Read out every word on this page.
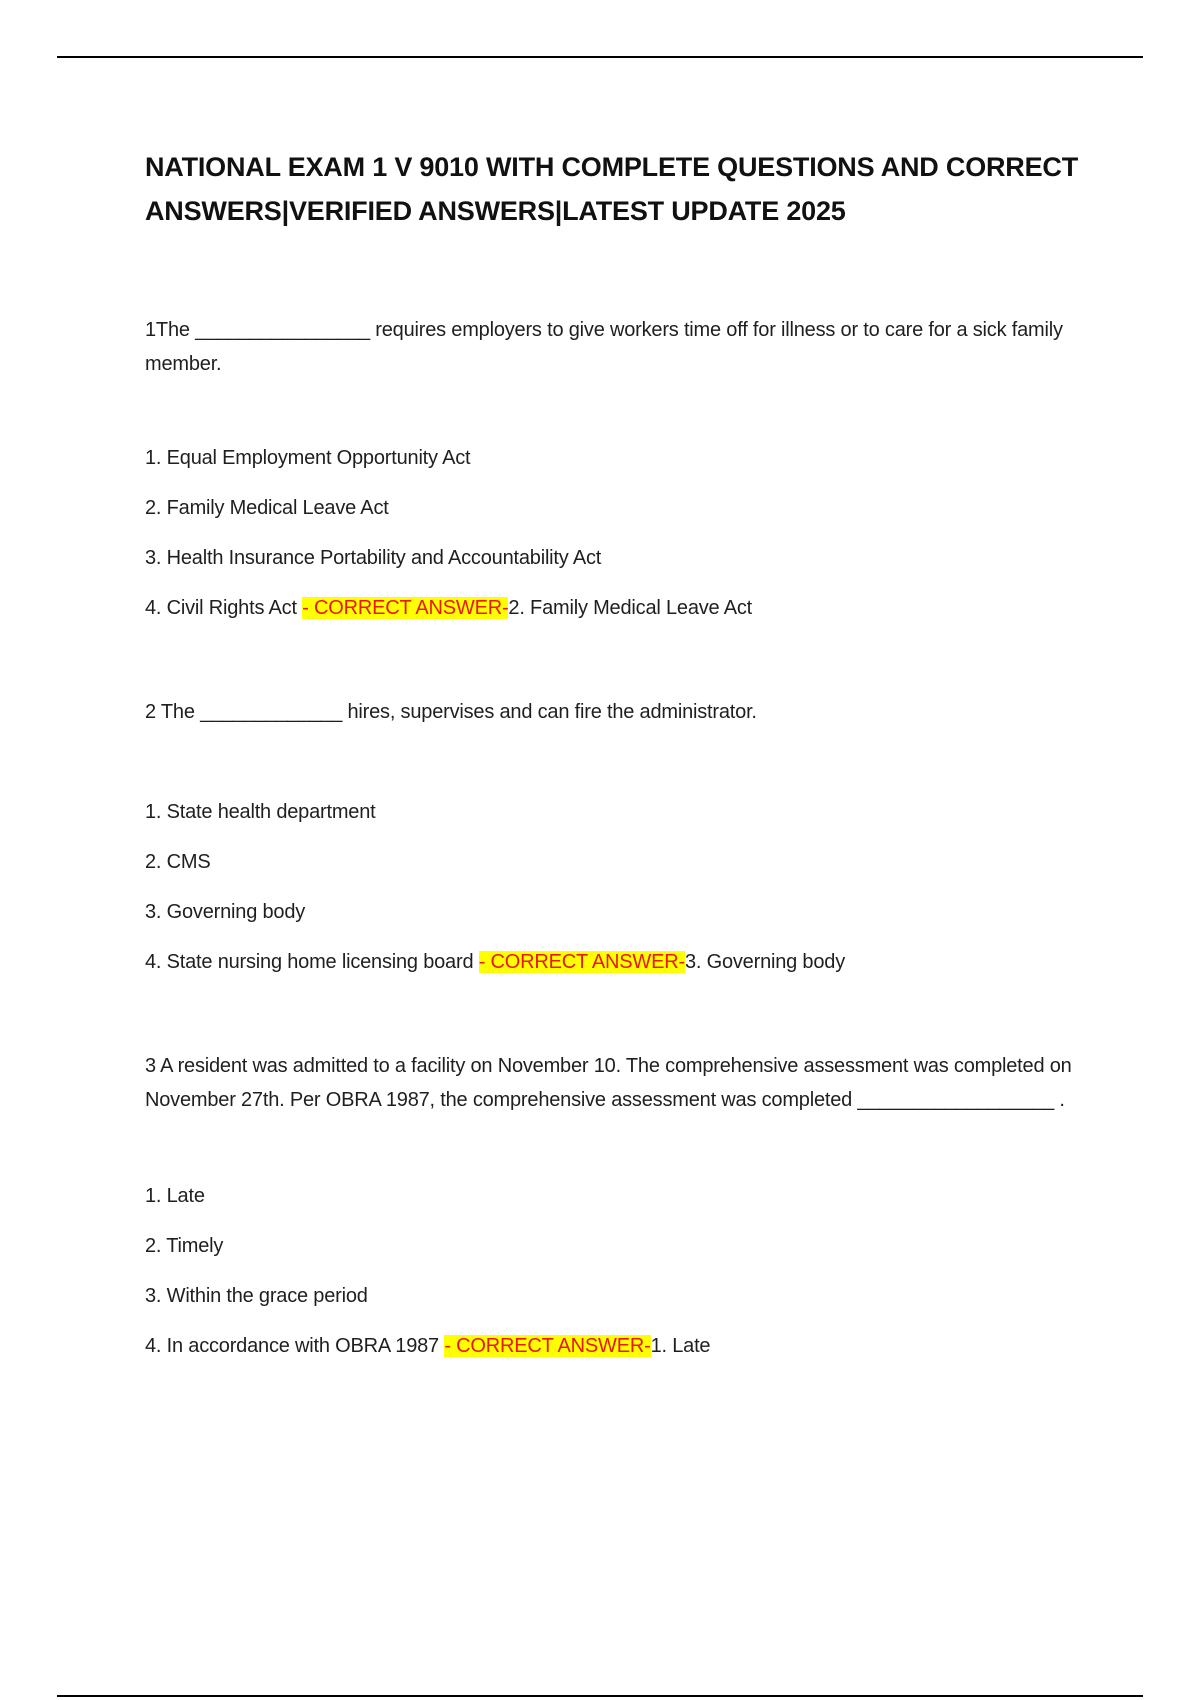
NATIONAL EXAM 1 V 9010 WITH COMPLETE QUESTIONS AND CORRECT ANSWERS|VERIFIED ANSWERS|LATEST UPDATE 2025

1The ________________ requires employers to give workers time off for illness or to care for a sick family member.

1. Equal Employment Opportunity Act
2. Family Medical Leave Act
3. Health Insurance Portability and Accountability Act
4. Civil Rights Act - CORRECT ANSWER-2. Family Medical Leave Act

2 The _____________ hires, supervises and can fire the administrator.

1. State health department
2. CMS
3. Governing body
4. State nursing home licensing board - CORRECT ANSWER-3. Governing body

3 A resident was admitted to a facility on November 10. The comprehensive assessment was completed on November 27th. Per OBRA 1987, the comprehensive assessment was completed __________________ .

1. Late
2. Timely
3. Within the grace period
4. In accordance with OBRA 1987 - CORRECT ANSWER-1. Late
